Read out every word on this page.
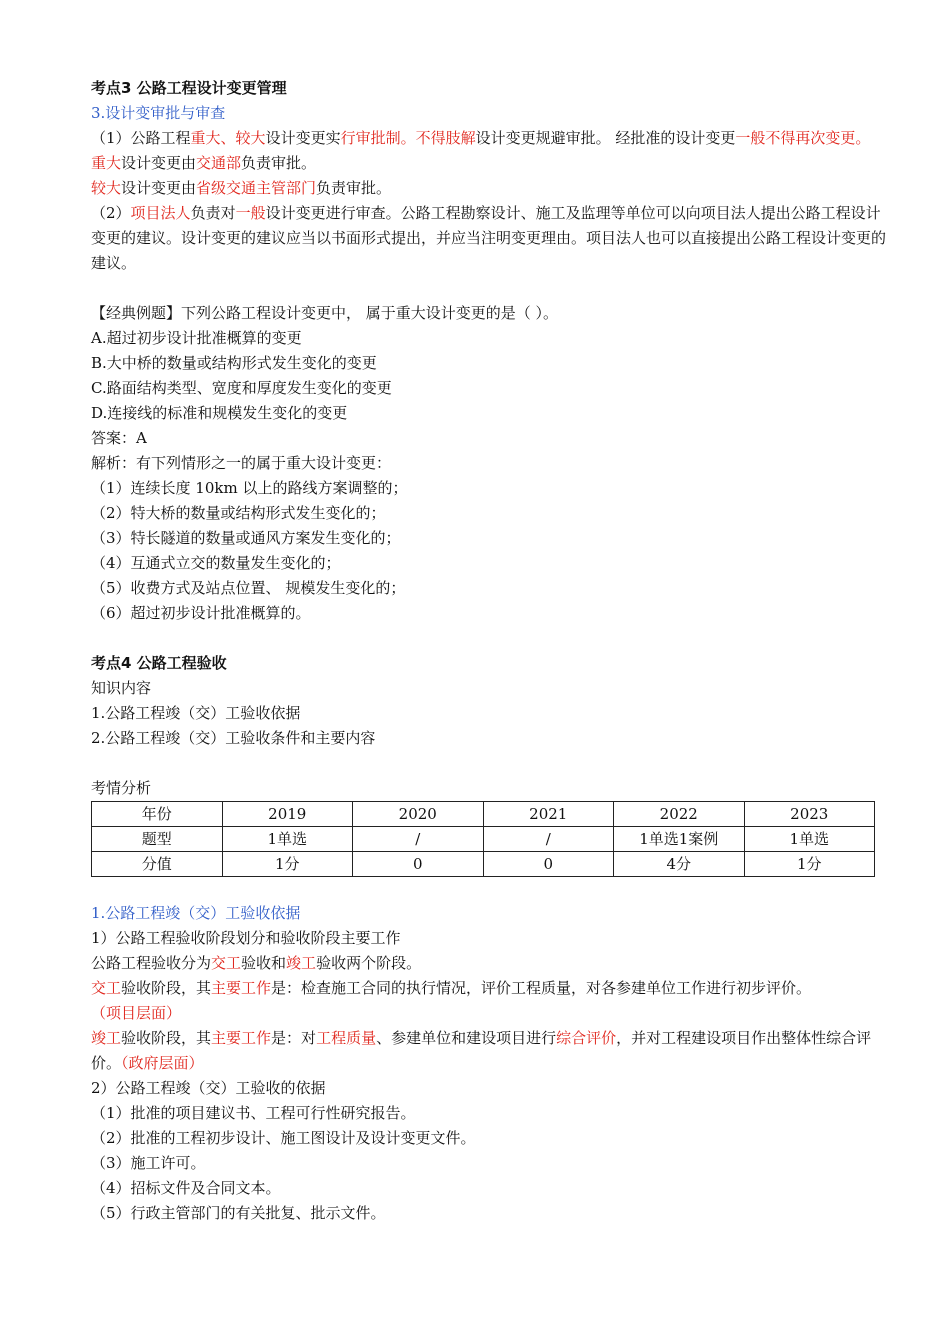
考点3 公路工程设计变更管理
3.设计变审批与审查
（1）公路工程重大、较大设计变更实行审批制。不得肢解设计变更规避审批。 经批准的设计变更一般不得再次变更。
重大设计变更由交通部负责审批。
较大设计变更由省级交通主管部门负责审批。
（2）项目法人负责对一般设计变更进行审查。公路工程勘察设计、施工及监理等单位可以向项目法人提出公路工程设计变更的建议。设计变更的建议应当以书面形式提出，并应当注明变更理由。项目法人也可以直接提出公路工程设计变更的建议。
【经典例题】下列公路工程设计变更中， 属于重大设计变更的是（ ）。
A.超过初步设计批准概算的变更
B.大中桥的数量或结构形式发生变化的变更
C.路面结构类型、宽度和厚度发生变化的变更
D.连接线的标准和规模发生变化的变更
答案：A
解析：有下列情形之一的属于重大设计变更：
（1）连续长度 10km 以上的路线方案调整的；
（2）特大桥的数量或结构形式发生变化的；
（3）特长隧道的数量或通风方案发生变化的；
（4）互通式立交的数量发生变化的；
（5）收费方式及站点位置、 规模发生变化的；
（6）超过初步设计批准概算的。
考点4 公路工程验收
知识内容
1.公路工程竣（交）工验收依据
2.公路工程竣（交）工验收条件和主要内容
考情分析
年份	2019	2020	2021	2022	2023
题型	1单选	/	/	1单选1案例	1单选
分值	1分	0	0	4分	1分
1.公路工程竣（交）工验收依据
1）公路工程验收阶段划分和验收阶段主要工作
公路工程验收分为交工验收和竣工验收两个阶段。
交工验收阶段，其主要工作是：检查施工合同的执行情况，评价工程质量，对各参建单位工作进行初步评价。（项目层面）
竣工验收阶段，其主要工作是：对工程质量、参建单位和建设项目进行综合评价，并对工程建设项目作出整体性综合评价。（政府层面）
2）公路工程竣（交）工验收的依据
（1）批准的项目建议书、工程可行性研究报告。
（2）批准的工程初步设计、施工图设计及设计变更文件。
（3）施工许可。
（4）招标文件及合同文本。
（5）行政主管部门的有关批复、批示文件。
